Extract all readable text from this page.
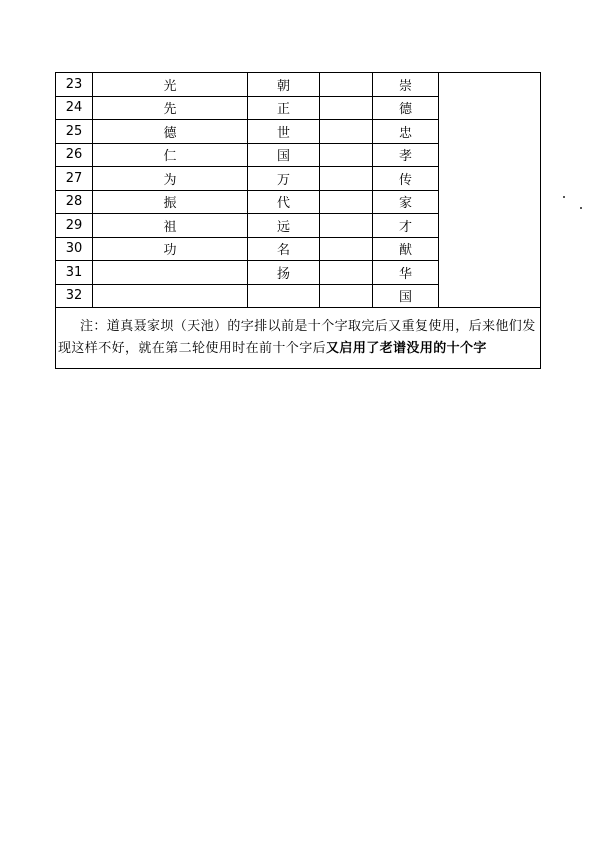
23	光	朝		崇	
24	先	正		德	
25	德	世		忠	
26	仁	国		孝	
27	为	万		传	
28	振	代		家	
29	祖	远		才	
30	功	名		猷	
31		扬		华	
32				国	
注：道真聂家坝（天池）的字排以前是十个字取完后又重复使用，后来他们发现这样不好，就在第二轮使用时在前十个字后又启用了老谱没用的十个字					
